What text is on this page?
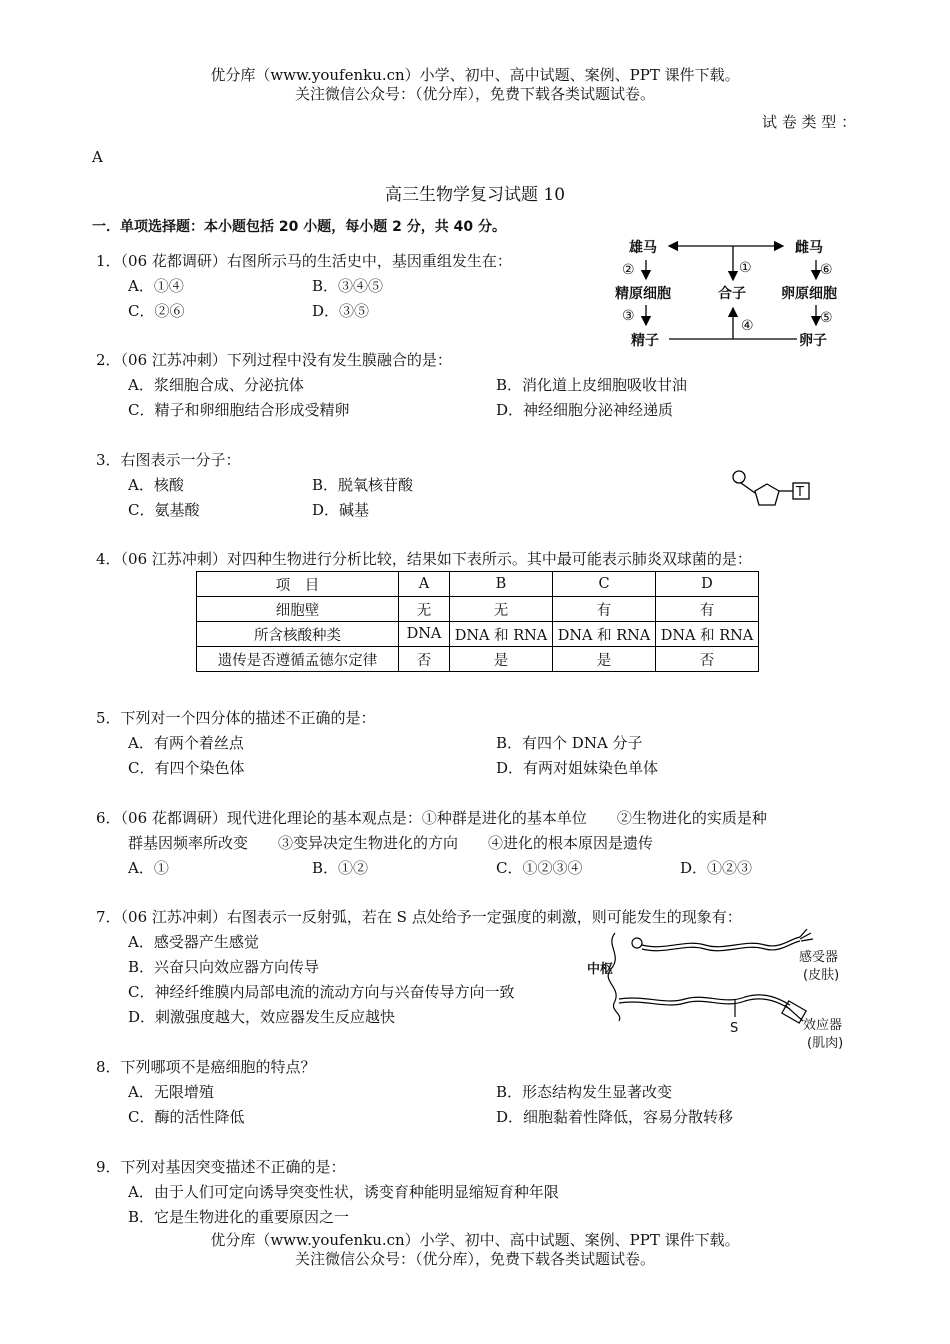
优分库（www.youfenku.cn）小学、初中、高中试题、案例、PPT 课件下载。
关注微信公众号：（优分库），免费下载各类试题试卷。
试 卷 类 型 ：
A
高三生物学复习试题 10
一．单项选择题：本小题包括 20 小题，每小题 2 分，共 40 分。
1．（06 花都调研）右图所示马的生活史中，基因重组发生在：
A．①④	B．③④⑤
C．②⑥	D．③⑤
雄马	雌马
精原细胞	合子	卵原细胞
精子	卵子
②	①	⑥
③
④	⑤
2．（06 江苏冲刺）下列过程中没有发生膜融合的是：
A．浆细胞合成、分泌抗体	B．消化道上皮细胞吸收甘油
C．精子和卵细胞结合形成受精卵	D．神经细胞分泌神经递质
3．右图表示一分子：
A．核酸	B．脱氧核苷酸
C．氨基酸	D．碱基
T
4．（06 江苏冲刺）对四种生物进行分析比较，结果如下表所示。其中最可能表示肺炎双球菌的是：
项　目	A	B	C	D
细胞壁	无	无	有	有
所含核酸种类	DNA	DNA 和 RNA	DNA 和 RNA	DNA 和 RNA
遗传是否遵循孟德尔定律	否	是	是	否
5．下列对一个四分体的描述不正确的是：
A．有两个着丝点	B．有四个 DNA 分子
C．有四个染色体	D．有两对姐妹染色单体
6．（06 花都调研）现代进化理论的基本观点是：①种群是进化的基本单位　　②生物进化的实质是种
群基因频率所改变　　③变异决定生物进化的方向　　④进化的根本原因是遗传
A．①	B．①②	C．①②③④	D．①②③
7．（06 江苏冲刺）右图表示一反射弧，若在 S 点处给予一定强度的刺激，则可能发生的现象有：
A．感受器产生感觉
B．兴奋只向效应器方向传导
C．神经纤维膜内局部电流的流动方向与兴奋传导方向一致
D．刺激强度越大，效应器发生反应越快
中枢
感受器
(皮肤)
S	效应器
(肌肉)
8．下列哪项不是癌细胞的特点？
A．无限增殖	B．形态结构发生显著改变
C．酶的活性降低	D．细胞黏着性降低，容易分散转移
9．下列对基因突变描述不正确的是：
A．由于人们可定向诱导突变性状，诱变育种能明显缩短育种年限
B．它是生物进化的重要原因之一
优分库（www.youfenku.cn）小学、初中、高中试题、案例、PPT 课件下载。
关注微信公众号：（优分库），免费下载各类试题试卷。
